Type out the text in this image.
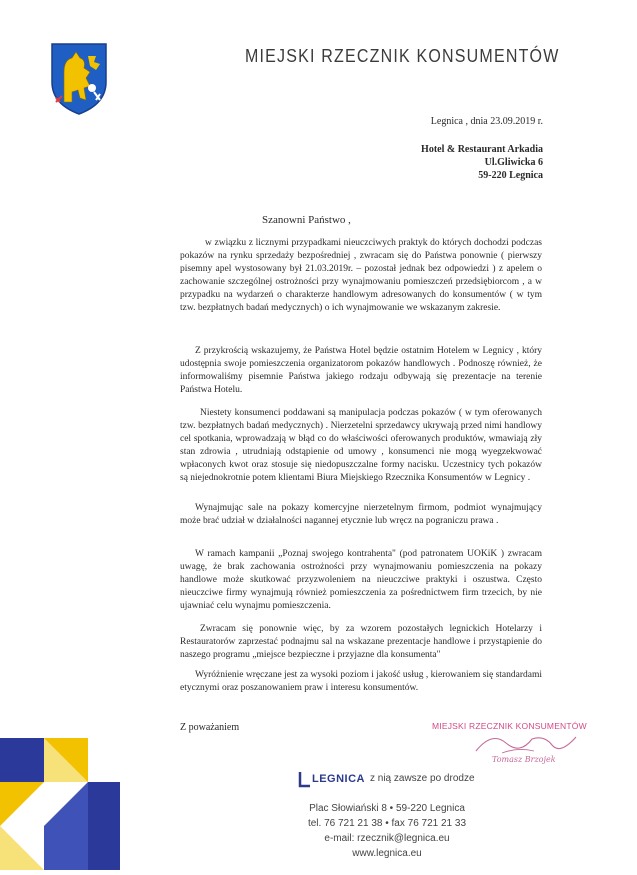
MIEJSKI RZECZNIK KONSUMENTÓW
Legnica , dnia 23.09.2019 r.
Hotel & Restaurant Arkadia
Ul.Gliwicka 6
59-220 Legnica
Szanowni Państwo ,

w związku z licznymi przypadkami nieuczciwych praktyk do których dochodzi podczas pokazów na rynku sprzedaży bezpośredniej , zwracam się do Państwa ponownie ( pierwszy pisemny apel wystosowany był 21.03.2019r. – pozostał jednak bez odpowiedzi ) z apelem o zachowanie szczególnej ostrożności przy wynajmowaniu pomieszczeń przedsiębiorcom , a w przypadku na wydarzeń o charakterze handlowym adresowanych do konsumentów ( w tym tzw. bezpłatnych badań medycznych) o ich wynajmowanie we wskazanym zakresie.

Z przykrością wskazujemy, że Państwa Hotel będzie ostatnim Hotelem w Legnicy , który udostępnia swoje pomieszczenia organizatorom pokazów handlowych . Podnoszę również, że informowaliśmy pisemnie Państwa jakiego rodzaju odbywają się prezentacje na terenie Państwa Hotelu.

Niestety konsumenci poddawani są manipulacja podczas pokazów ( w tym oferowanych tzw. bezpłatnych badań medycznych) . Nierzetelni sprzedawcy ukrywają przed nimi handlowy cel spotkania, wprowadzają w błąd co do właściwości oferowanych produktów, wmawiają zły stan zdrowia , utrudniają odstąpienie od umowy , konsumenci nie mogą wyegzekwować wpłaconych kwot oraz stosuje się niedopuszczalne formy nacisku. Uczestnicy tych pokazów są niejednokrotnie potem klientami Biura Miejskiego Rzecznika Konsumentów w Legnicy .

Wynajmując sale na pokazy komercyjne nierzetelnym firmom, podmiot wynajmujący może brać udział w działalności nagannej etycznie lub wręcz na pograniczu prawa .

W ramach kampanii „Poznaj swojego kontrahenta" (pod patronatem UOKiK ) zwracam uwagę, że brak zachowania ostrożności przy wynajmowaniu pomieszczenia na pokazy handlowe może skutkować przyzwoleniem na nieuczciwe praktyki i oszustwa. Często nieuczciwe firmy wynajmują również pomieszczenia za pośrednictwem firm trzecich, by nie ujawniać celu wynajmu pomieszczenia.

Zwracam się ponownie więc, by za wzorem pozostałych legnickich Hotelarzy i Restauratorów zaprzestać podnajmu sal na wskazane prezentacje handlowe i przystąpienie do naszego programu „miejsce bezpieczne i przyjazne dla konsumenta"

Wyróżnienie wręczane jest za wysoki poziom i jakość usług , kierowaniem się standardami etycznymi oraz poszanowaniem praw i interesu konsumentów.

Z poważaniem	MIEJSKI RZECZNIK KONSUMENTÓW
Tomasz Brzojek
LEGNICA z nią zawsze po drodze
Plac Słowiański 8 • 59-220 Legnica
tel. 76 721 21 38 • fax 76 721 21 33
e-mail: rzecznik@legnica.eu
www.legnica.eu
